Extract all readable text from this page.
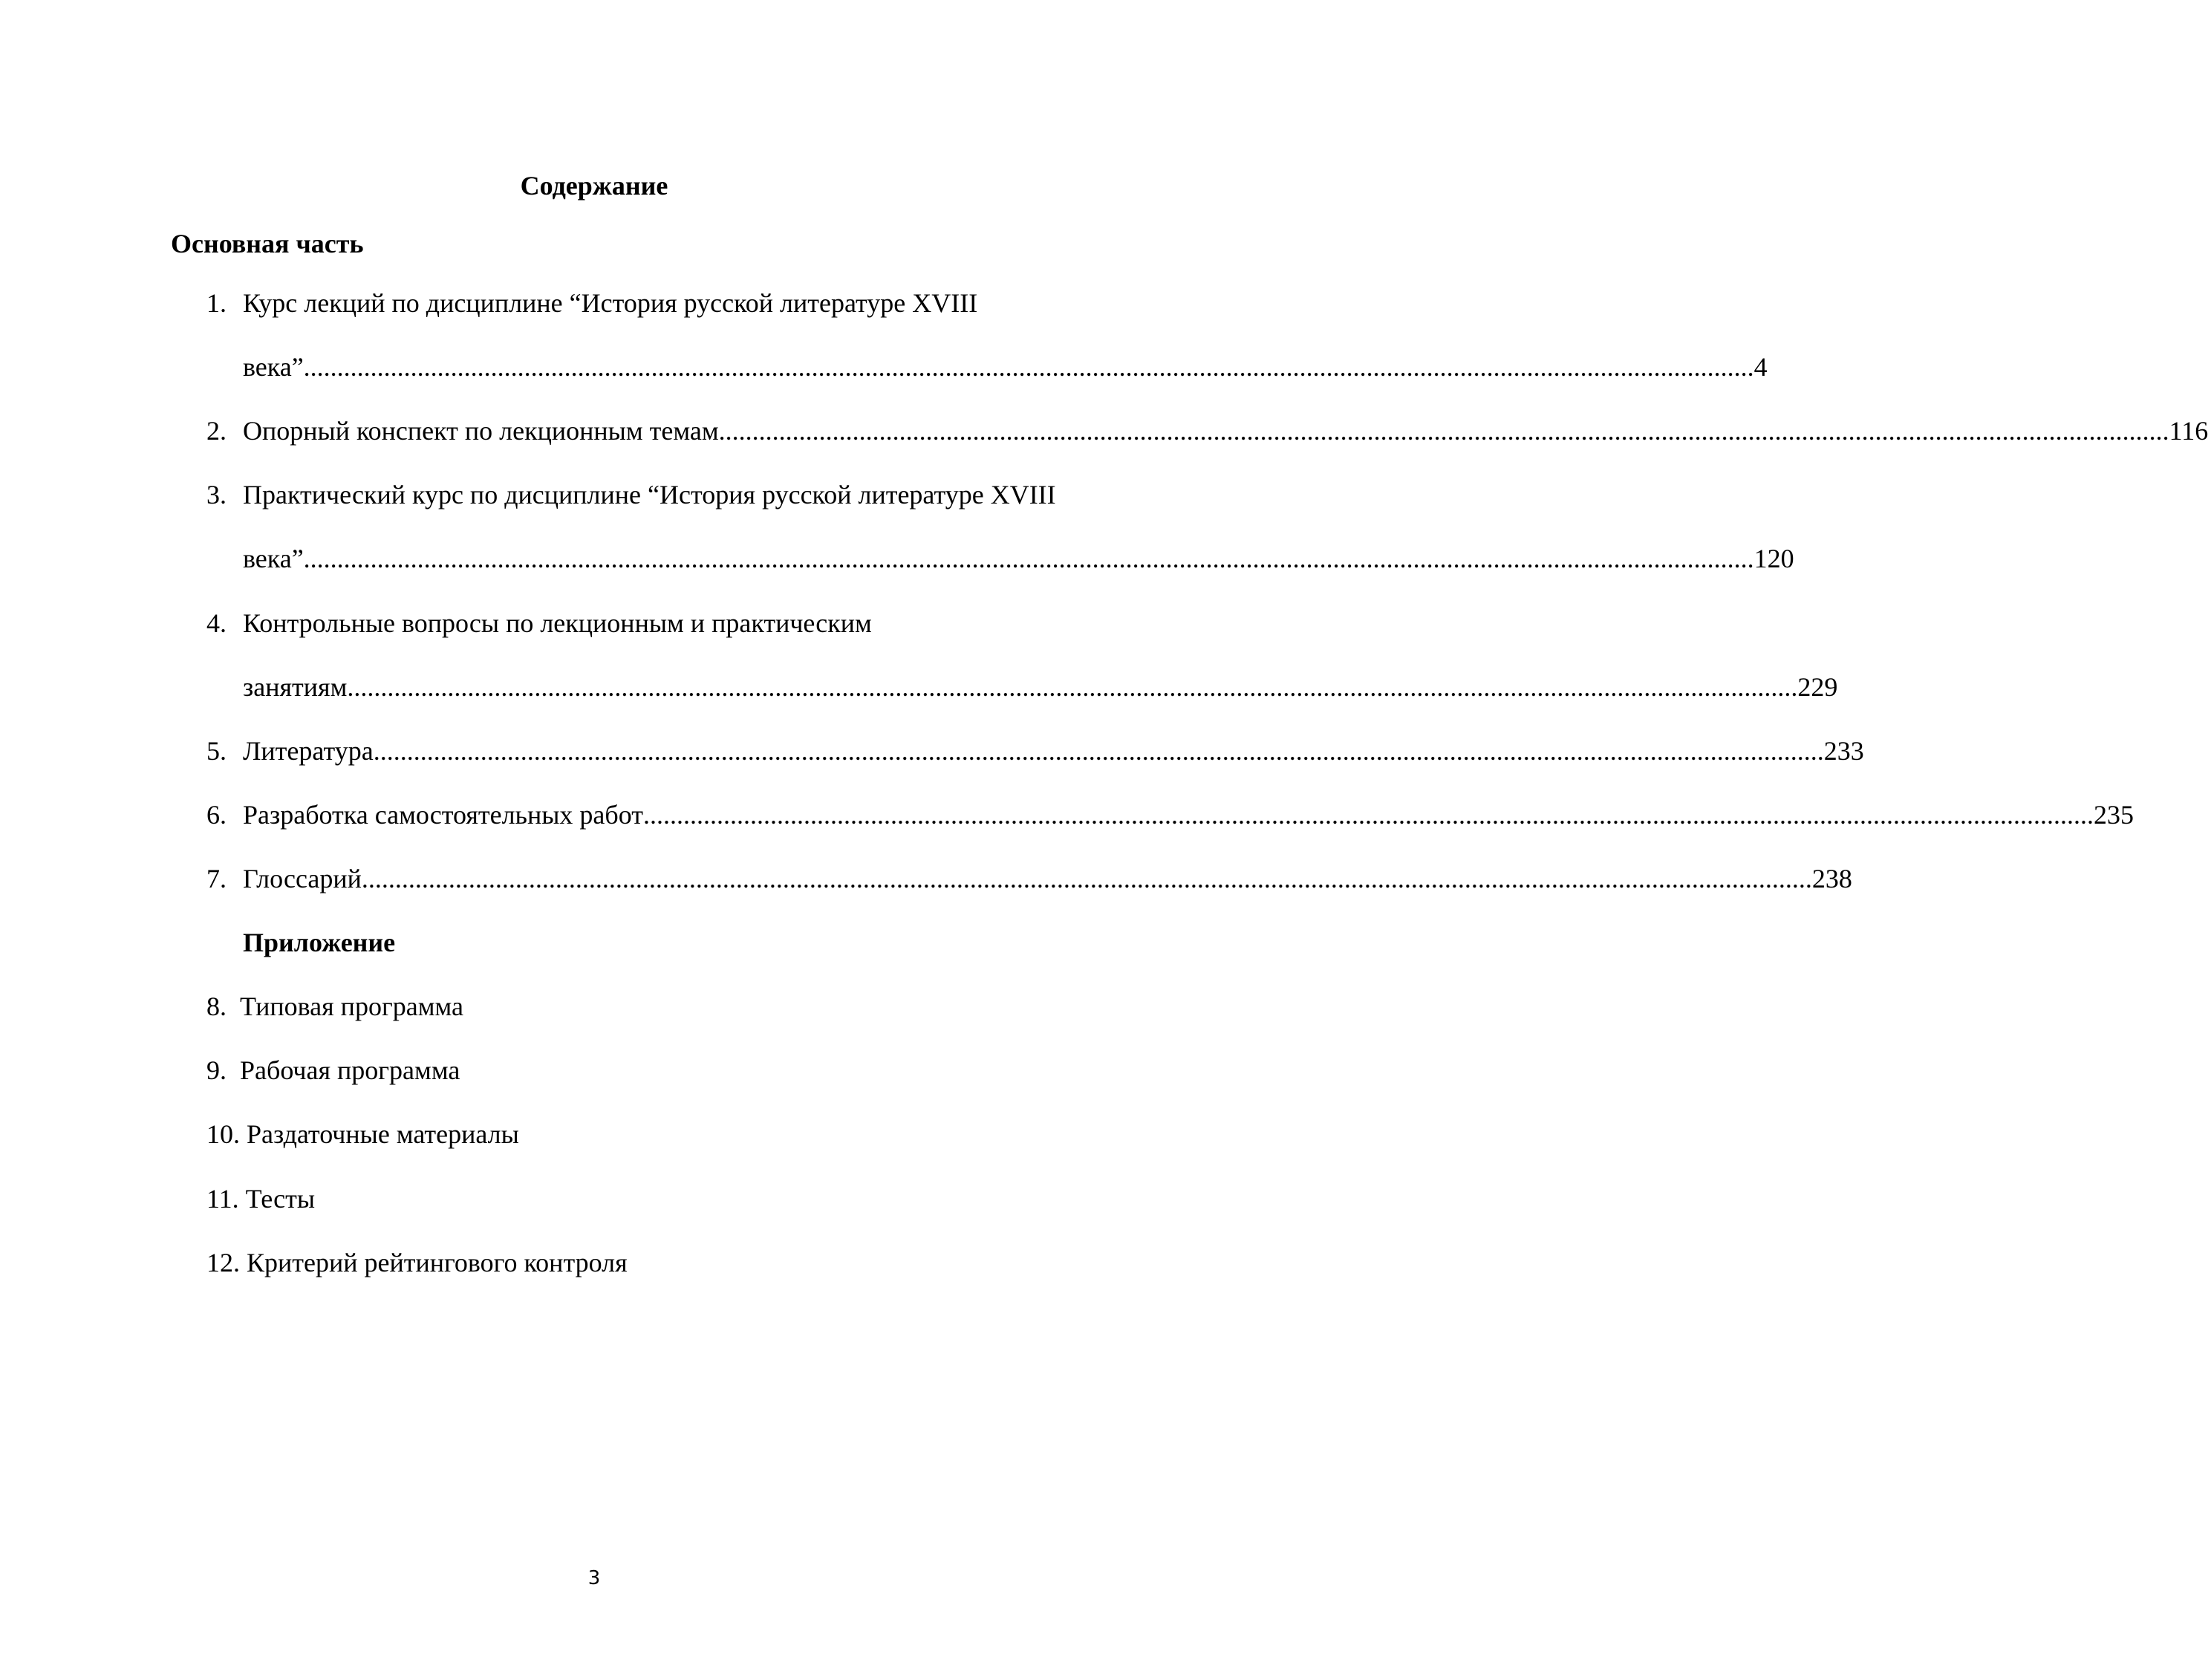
Содержание
Основная часть
1. Курс лекций по дисциплине “История русской литературе XVIII
века” ......................................................................................................................................................................................................................... 4
2. Опорный конспект по лекционным темам ......................................................................................................................................................................................................................... 116
3. Практический курс по дисциплине “История русской литературе XVIII
века” ......................................................................................................................................................................................................................... 120
4. Контрольные вопросы по лекционным и практическим
занятиям ......................................................................................................................................................................................................................... 229
5. Литература ......................................................................................................................................................................................................................... 233
6. Разработка самостоятельных работ ......................................................................................................................................................................................................................... 235
7. Глоссарий ......................................................................................................................................................................................................................... 238
Приложение
8.  Типовая программа
9.  Рабочая программа
10. Раздаточные материалы
11. Тесты
12. Критерий рейтингового контроля
3
